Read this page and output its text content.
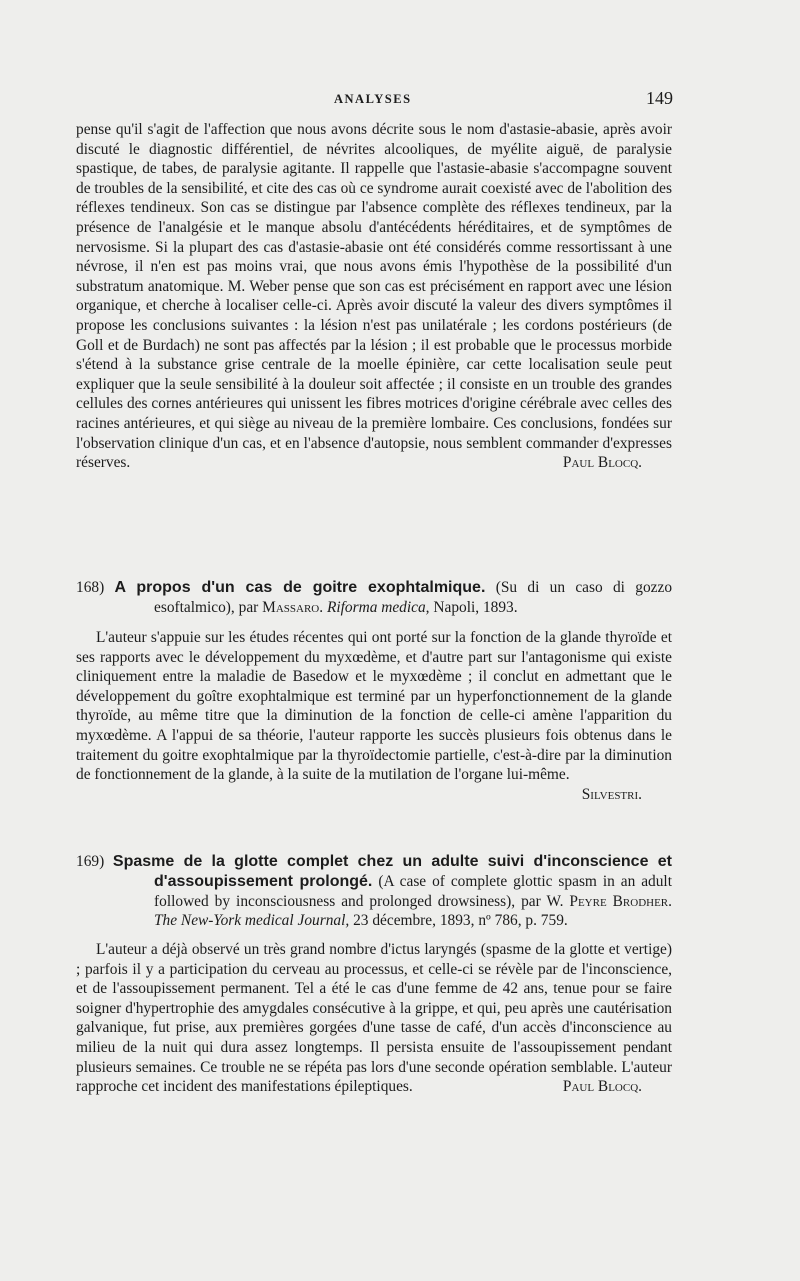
ANALYSES	149

pense qu'il s'agit de l'affection que nous avons décrite sous le nom d'astasie-abasie, après avoir discuté le diagnostic différentiel, de névrites alcooliques, de myélite aiguë, de paralysie spastique, de tabes, de paralysie agitante. Il rappelle que l'astasie-abasie s'accompagne souvent de troubles de la sensibilité, et cite des cas où ce syndrome aurait coexisté avec de l'abolition des réflexes tendineux. Son cas se distingue par l'absence complète des réflexes tendineux, par la présence de l'analgésie et le manque absolu d'antécédents héréditaires, et de symptômes de nervosisme. Si la plupart des cas d'astasie-abasie ont été considérés comme ressortissant à une névrose, il n'en est pas moins vrai, que nous avons émis l'hypothèse de la possibilité d'un substratum anatomique. M. Weber pense que son cas est précisément en rapport avec une lésion organique, et cherche à localiser celle-ci. Après avoir discuté la valeur des divers symptômes il propose les conclusions suivantes : la lésion n'est pas unilatérale ; les cordons postérieurs (de Goll et de Burdach) ne sont pas affectés par la lésion ; il est probable que le processus morbide s'étend à la substance grise centrale de la moelle épinière, car cette localisation seule peut expliquer que la seule sensibilité à la douleur soit affectée ; il consiste en un trouble des grandes cellules des cornes antérieures qui unissent les fibres motrices d'origine cérébrale avec celles des racines antérieures, et qui siège au niveau de la première lombaire. Ces conclusions, fondées sur l'observation clinique d'un cas, et en l'absence d'autopsie, nous semblent commander d'expresses réserves.	Paul Blocq.

168) A propos d'un cas de goitre exophtalmique. (Su di un caso di gozzo esoftalmico), par Massaro. Riforma medica, Napoli, 1893.

L'auteur s'appuie sur les études récentes qui ont porté sur la fonction de la glande thyroïde et ses rapports avec le développement du myxœdème, et d'autre part sur l'antagonisme qui existe cliniquement entre la maladie de Basedow et le myxœdème ; il conclut en admettant que le développement du goître exophtalmique est terminé par un hyperfonctionnement de la glande thyroïde, au même titre que la diminution de la fonction de celle-ci amène l'apparition du myxœdème. A l'appui de sa théorie, l'auteur rapporte les succès plusieurs fois obtenus dans le traitement du goitre exophtalmique par la thyroïdectomie partielle, c'est-à-dire par la diminution de fonctionnement de la glande, à la suite de la mutilation de l'organe lui-même.
Silvestri.

169) Spasme de la glotte complet chez un adulte suivi d'inconscience et d'assoupissement prolongé. (A case of complete glottic spasm in an adult followed by inconsciousness and prolonged drowsiness), par W. Peyre Brodher. The New-York medical Journal, 23 décembre, 1893, nº 786, p. 759.

L'auteur a déjà observé un très grand nombre d'ictus laryngés (spasme de la glotte et vertige) ; parfois il y a participation du cerveau au processus, et celle-ci se révèle par de l'inconscience, et de l'assoupissement permanent. Tel a été le cas d'une femme de 42 ans, tenue pour se faire soigner d'hypertrophie des amygdales consécutive à la grippe, et qui, peu après une cautérisation galvanique, fut prise, aux premières gorgées d'une tasse de café, d'un accès d'inconscience au milieu de la nuit qui dura assez longtemps. Il persista ensuite de l'assoupissement pendant plusieurs semaines. Ce trouble ne se répéta pas lors d'une seconde opération semblable. L'auteur rapproche cet incident des manifestations épileptiques.	Paul Blocq.
